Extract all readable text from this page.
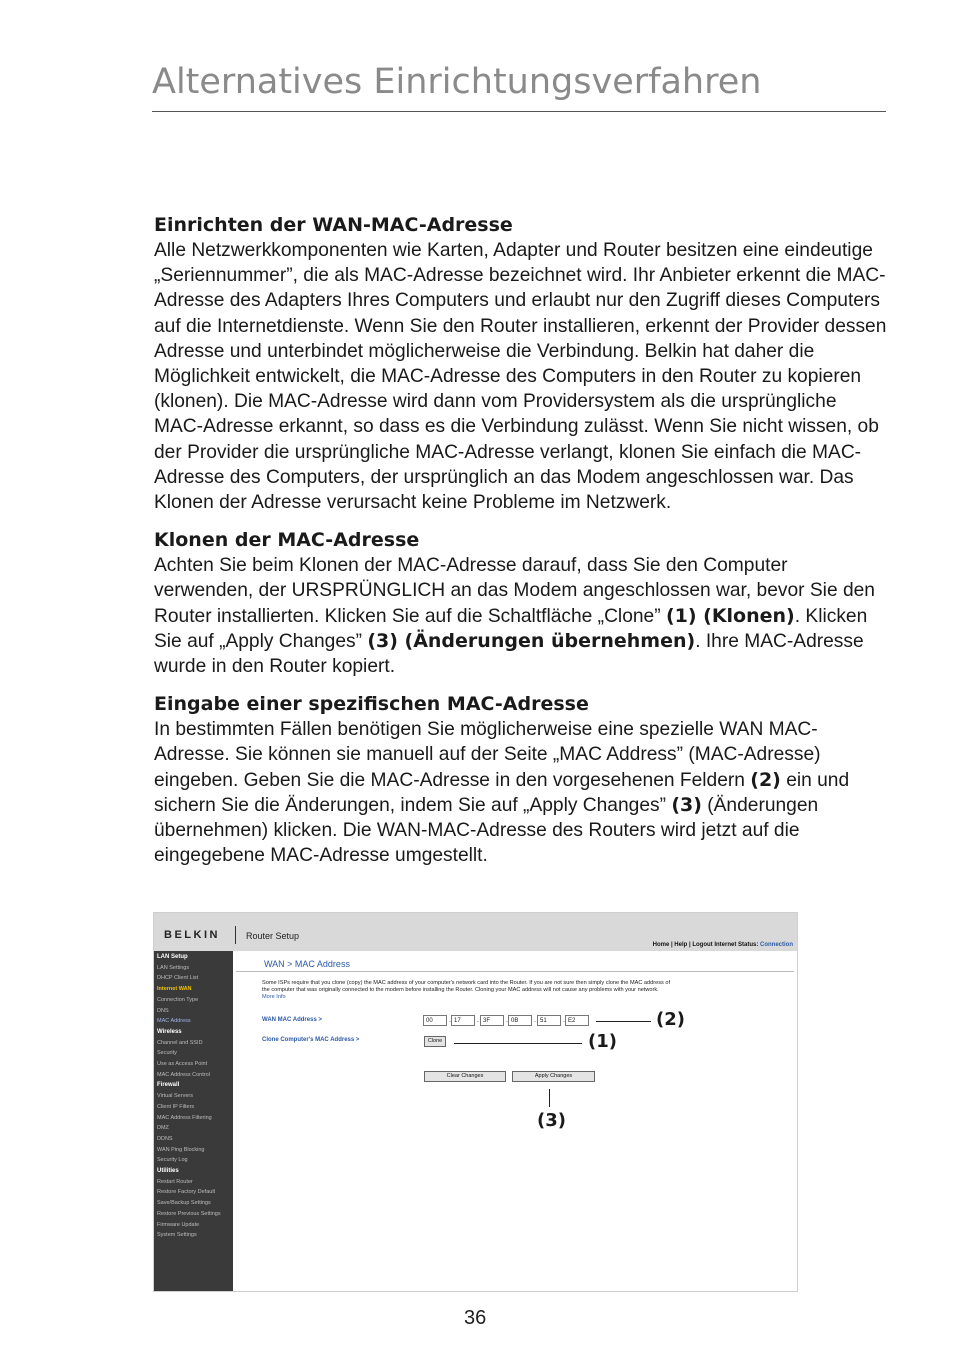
Alternatives Einrichtungsverfahren
Einrichten der WAN-MAC-Adresse

Alle Netzwerkkomponenten wie Karten, Adapter und Router besitzen eine eindeutige „Seriennummer”, die als MAC-Adresse bezeichnet wird. Ihr Anbieter erkennt die MAC-Adresse des Adapters Ihres Computers und erlaubt nur den Zugriff dieses Computers auf die Internetdienste. Wenn Sie den Router installieren, erkennt der Provider dessen Adresse und unterbindet möglicherweise die Verbindung. Belkin hat daher die Möglichkeit entwickelt, die MAC-Adresse des Computers in den Router zu kopieren (klonen). Die MAC-Adresse wird dann vom Providersystem als die ursprüngliche MAC-Adresse erkannt, so dass es die Verbindung zulässt. Wenn Sie nicht wissen, ob der Provider die ursprüngliche MAC-Adresse verlangt, klonen Sie einfach die MAC-Adresse des Computers, der ursprünglich an das Modem angeschlossen war. Das Klonen der Adresse verursacht keine Probleme im Netzwerk.

Klonen der MAC-Adresse

Achten Sie beim Klonen der MAC-Adresse darauf, dass Sie den Computer verwenden, der URSPRÜNGLICH an das Modem angeschlossen war, bevor Sie den Router installierten. Klicken Sie auf die Schaltfläche „Clone” (1) (Klonen). Klicken Sie auf „Apply Changes” (3) (Änderungen übernehmen). Ihre MAC-Adresse wurde in den Router kopiert.

Eingabe einer spezifischen MAC-Adresse

In bestimmten Fällen benötigen Sie möglicherweise eine spezielle WAN MAC-Adresse. Sie können sie manuell auf der Seite „MAC Address” (MAC-Adresse) eingeben. Geben Sie die MAC-Adresse in den vorgesehenen Feldern (2) ein und sichern Sie die Änderungen, indem Sie auf „Apply Changes” (3) (Änderungen übernehmen) klicken. Die WAN-MAC-Adresse des Routers wird jetzt auf die eingegebene MAC-Adresse umgestellt.

BELKIN	Router Setup
Home | Help | Logout Internet Status: Connection
LAN Setup
LAN Settings
DHCP Client List
Internet WAN
Connection Type
DNS
MAC Address
Wireless
Channel and SSID
Security
Use as Access Point
MAC Address Control
Firewall
Virtual Servers
Client IP Filters
MAC Address Filtering
DMZ
DDNS
WAN Ping Blocking
Security Log
Utilities
Restart Router
Restore Factory Default
Save/Backup Settings
Restore Previous Settings
Firmware Update
System Settings
WAN > MAC Address
Some ISPs require that you clone (copy) the MAC address of your computer's network card into the Router. If you are not sure then simply clone the MAC address of the computer that was originally connected to the modem before installing the Router. Cloning your MAC address will not cause any problems with your network. More Info
WAN MAC Address >	00	. 17	. 3F	. 0B	. 51	. E2
Clone Computer's MAC Address >	Clone
Clear Changes	Apply Changes
(2)
(1)
(3)
36
